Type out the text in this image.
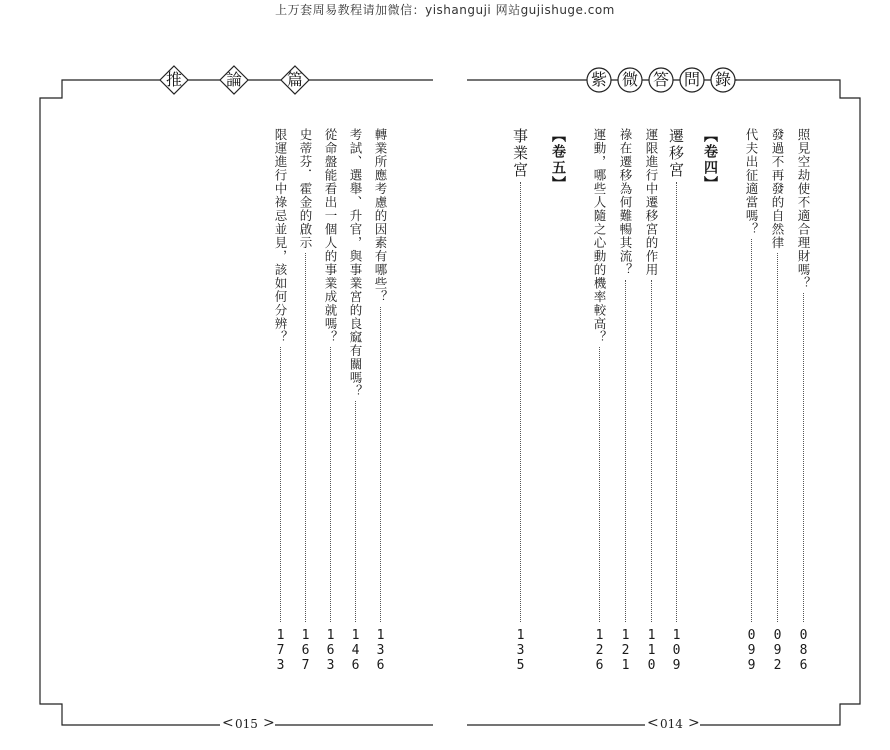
上万套周易教程请加微信：yishanguji 网站gujishuge.com
推	論	篇	紫 微 答 問 錄
轉業所應考慮的因素有哪些？
136
考試、選舉、升官，與事業宮的良窳有關嗎？
146
從命盤能看出一個人的事業成就嗎？
163
史蒂芬．霍金的啟示
167
限運進行中祿忌並見，該如何分辨？
173
照見空劫使不適合理財嗎？
086
發過不再發的自然律
092
代夫出征適當嗎？
099
【卷四】
遷移宮
109
運限進行中遷移宮的作用
110
祿在遷移為何難暢其流？
121
運動，哪些人隨之心動的機率較高？
126
【卷五】
事業宮
135
< 015 >	< 014 >
